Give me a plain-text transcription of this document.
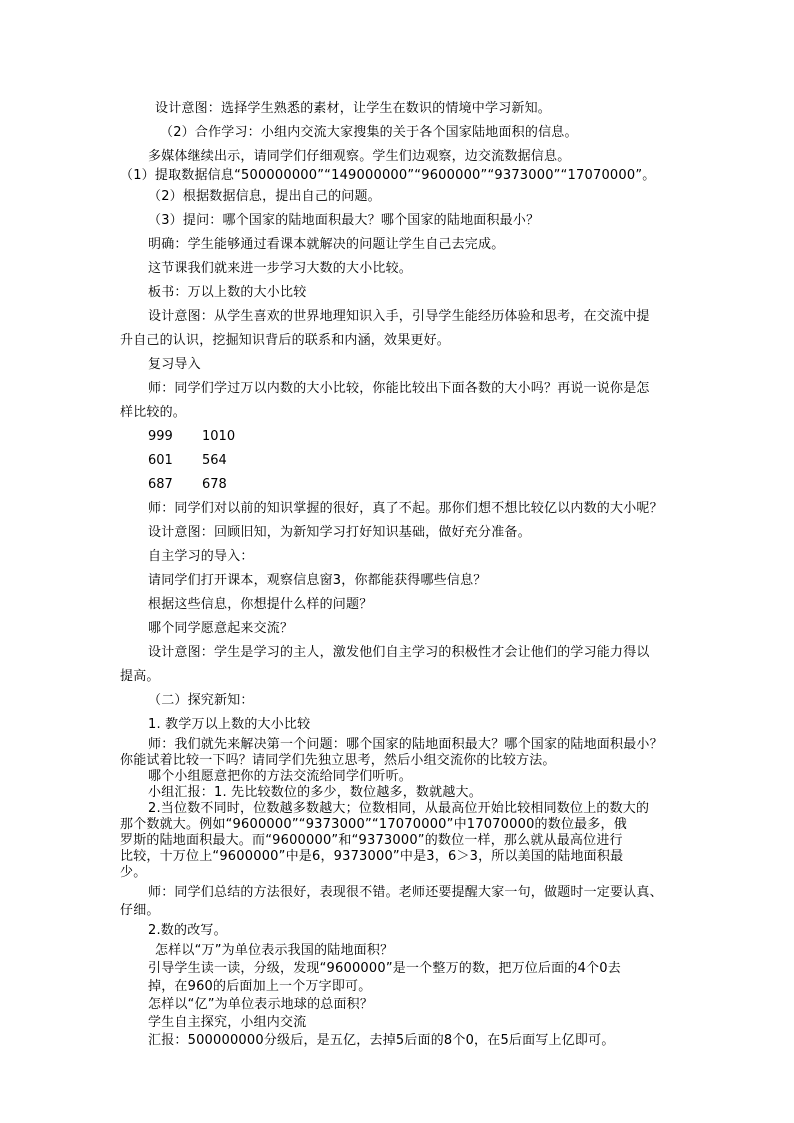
设计意图：选择学生熟悉的素材，让学生在数识的情境中学习新知。
（2）合作学习：小组内交流大家搜集的关于各个国家陆地面积的信息。
多媒体继续出示，请同学们仔细观察。学生们边观察，边交流数据信息。
（1）提取数据信息“500000000”“149000000”“9600000”“9373000”“17070000”。
（2）根据数据信息，提出自己的问题。
（3）提问：哪个国家的陆地面积最大？哪个国家的陆地面积最小？
明确：学生能够通过看课本就解决的问题让学生自己去完成。
这节课我们就来进一步学习大数的大小比较。
板书：万以上数的大小比较
设计意图：从学生喜欢的世界地理知识入手，引导学生能经历体验和思考，在交流中提
升自己的认识，挖掘知识背后的联系和内涵，效果更好。
复习导入
师：同学们学过万以内数的大小比较，你能比较出下面各数的大小吗？再说一说你是怎
样比较的。
999 1010
601 564
687 678
师：同学们对以前的知识掌握的很好，真了不起。那你们想不想比较亿以内数的大小呢？
设计意图：回顾旧知，为新知学习打好知识基础，做好充分准备。
自主学习的导入：
请同学们打开课本，观察信息窗3，你都能获得哪些信息？
根据这些信息，你想提什么样的问题？
哪个同学愿意起来交流？
设计意图：学生是学习的主人，激发他们自主学习的积极性才会让他们的学习能力得以
提高。
（二）探究新知：
1. 教学万以上数的大小比较
师：我们就先来解决第一个问题：哪个国家的陆地面积最大？哪个国家的陆地面积最小？
你能试着比较一下吗？请同学们先独立思考，然后小组交流你的比较方法。
哪个小组愿意把你的方法交流给同学们听听。
小组汇报：1. 先比较数位的多少，数位越多，数就越大。
2.当位数不同时，位数越多数越大；位数相同，从最高位开始比较相同数位上的数大的
那个数就大。例如“9600000”“9373000”“17070000”中17070000的数位最多，俄
罗斯的陆地面积最大。而“9600000”和“9373000”的数位一样，那么就从最高位进行
比较，十万位上“9600000”中是6，9373000”中是3，6＞3，所以美国的陆地面积最
少。
师：同学们总结的方法很好，表现很不错。老师还要提醒大家一句，做题时一定要认真、
仔细。
2.数的改写。
怎样以“万”为单位表示我国的陆地面积？
引导学生读一读，分级，发现“9600000”是一个整万的数，把万位后面的4个0去
掉，在960的后面加上一个万字即可。
怎样以“亿”为单位表示地球的总面积？
学生自主探究，小组内交流
汇报：500000000分级后，是五亿，去掉5后面的8个0，在5后面写上亿即可。
